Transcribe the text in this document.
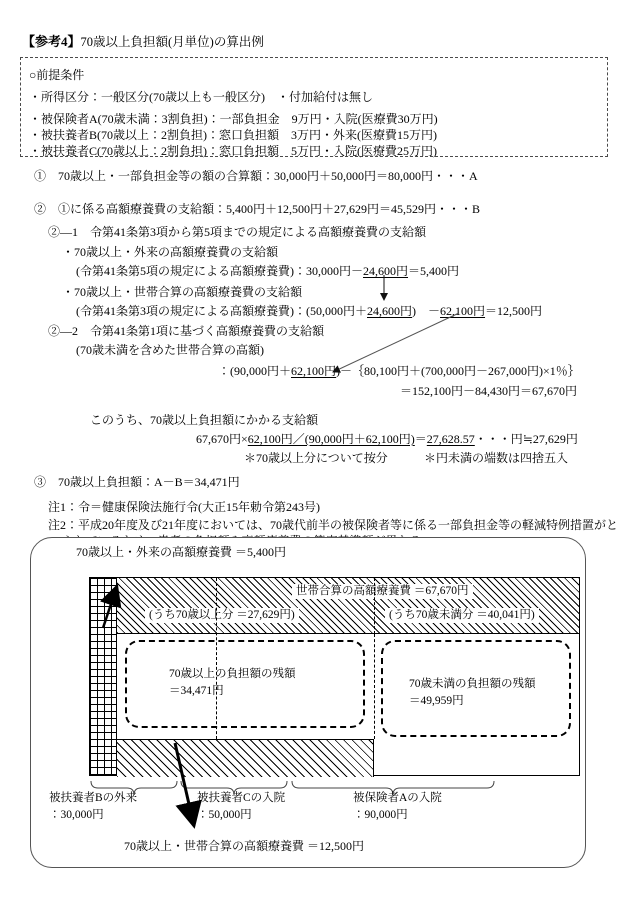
【参考4】70歳以上負担額(月単位)の算出例
○前提条件
・所得区分：一般区分(70歳以上も一般区分)　・付加給付は無し
・被保険者A(70歳未満：3割負担)：一部負担金　9万円・入院(医療費30万円)
・被扶養者B(70歳以上：2割負担)：窓口負担額　3万円・外来(医療費15万円)
・被扶養者C(70歳以上：2割負担)：窓口負担額　5万円・入院(医療費25万円)
①　70歳以上・一部負担金等の額の合算額：30,000円＋50,000円＝80,000円・・・A
②　①に係る高額療養費の支給額：5,400円＋12,500円＋27,629円＝45,529円・・・B
②—1　令第41条第3項から第5項までの規定による高額療養費の支給額
・70歳以上・外来の高額療養費の支給額
(令第41条第5項の規定による高額療養費)：30,000円－24,600円＝5,400円
・70歳以上・世帯合算の高額療養費の支給額
(令第41条第3項の規定による高額療養費)：(50,000円＋24,600円)　－62,100円＝12,500円
②—2　令第41条第1項に基づく高額療養費の支給額
(70歳未満を含めた世帯合算の高額)
：(90,000円＋62,100円)－｛80,100円＋(700,000円－267,000円)×1％｝
＝152,100円－84,430円＝67,670円
このうち、70歳以上負担額にかかる支給額
67,670円×62,100円／(90,000円＋62,100円)＝27,628.57・・・円≒27,629円
＊70歳以上分について按分	＊円未満の端数は四捨五入
③　70歳以上負担額：A－B＝34,471円
注1：令＝健康保険法施行令(大正15年勅令第243号)
注2：平成20年度及び21年度においては、70歳代前半の被保険者等に係る一部負担金等の軽減特例措置がと
70歳以上・外来の高額療養費 ＝5,400円
世帯合算の高額療養費 ＝67,670円
(うち70歳以上分 ＝27,629円)	(うち70歳未満分 ＝40,041円)

70歳以上の負担額の残額

＝34,471円

70歳未満の負担額の残額

＝49,959円

被扶養者Bの外来
：30,000円
被扶養者Cの入院
：50,000円
被保険者Aの入院
：90,000円
70歳以上・世帯合算の高額療養費 ＝12,500円
